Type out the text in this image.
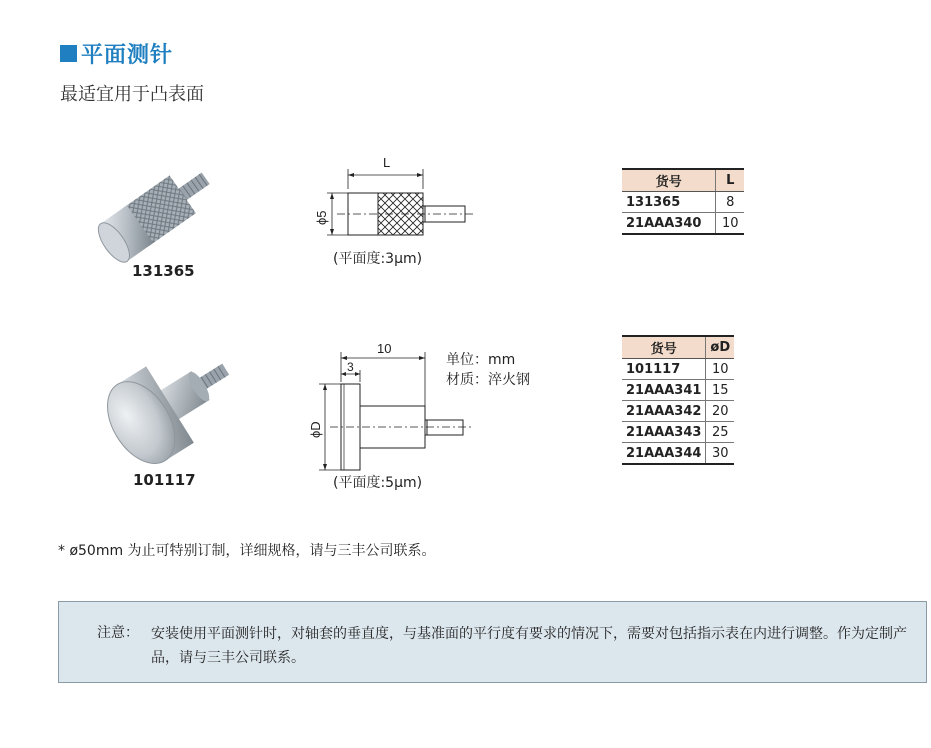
平面测针
最适宜用于凸表面
131365
L
ϕ5
(平面度:3μm)
货号	L
131365	8
21AAA340	10
101117
10
3
ϕD
(平面度:5μm)
单位：mm
材质：淬火钢
货号	øD
101117	10
21AAA341	15
21AAA342	20
21AAA343	25
21AAA344	30
* ø50mm 为止可特别订制，详细规格，请与三丰公司联系。
注意： 安装使用平面测针时，对轴套的垂直度，与基准面的平行度有要求的情况下，需要对包括指示表在内进行调整。作为定制产品，请与三丰公司联系。
